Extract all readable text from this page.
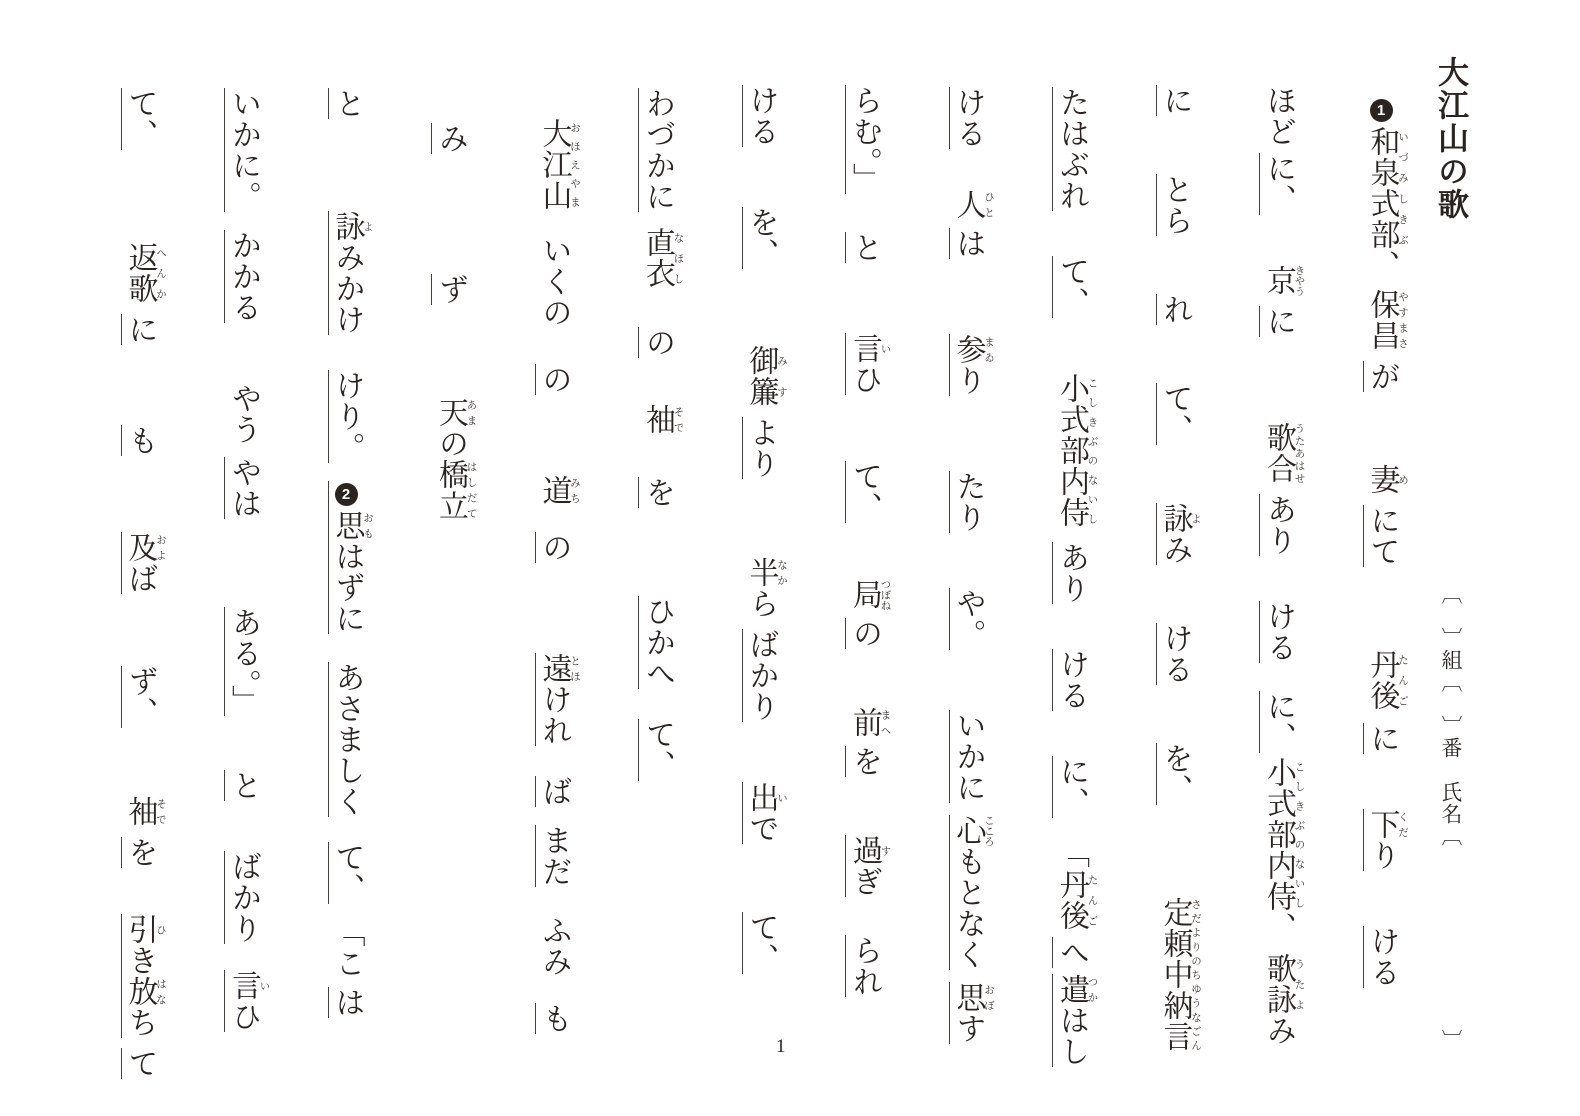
大江山の歌
〔　〕組〔　〕番　氏名〔 〕
1和泉式部いづみしきぶ、保昌やすまさが妻めにて丹後たんごに下くだりける
ほどに、京きやうに歌合うたあはせありけるに、小式部内侍こしきぶのないし、歌詠うたよみ
にとられて、詠よみけるを、定頼中納言さだよりのちゆうなごん
たはぶれて、小式部内侍こしきぶのないしありけるに、「丹後たんごへ遣つかはし
ける人ひとは参まゐりたりや。いかに心こころもとなく思おぼす
らむ。」と言いひて、局つぼねの前まへを過すぎられ
けるを、御簾みすより半なからばかり出いでて、
わづかに直衣なほしの袖そでをひかへて、
大江山おほえやまいくのの道みちの遠とほければまだふみも
みず天あまの橋立はしだて
と詠よみかけけり。2思おもはずにあさましくて、「こは
いかに。かかるやうやはある。」とばかり言いひ
て、返歌へんかにも及およばず、袖そでを引ひき放はなちて
1
